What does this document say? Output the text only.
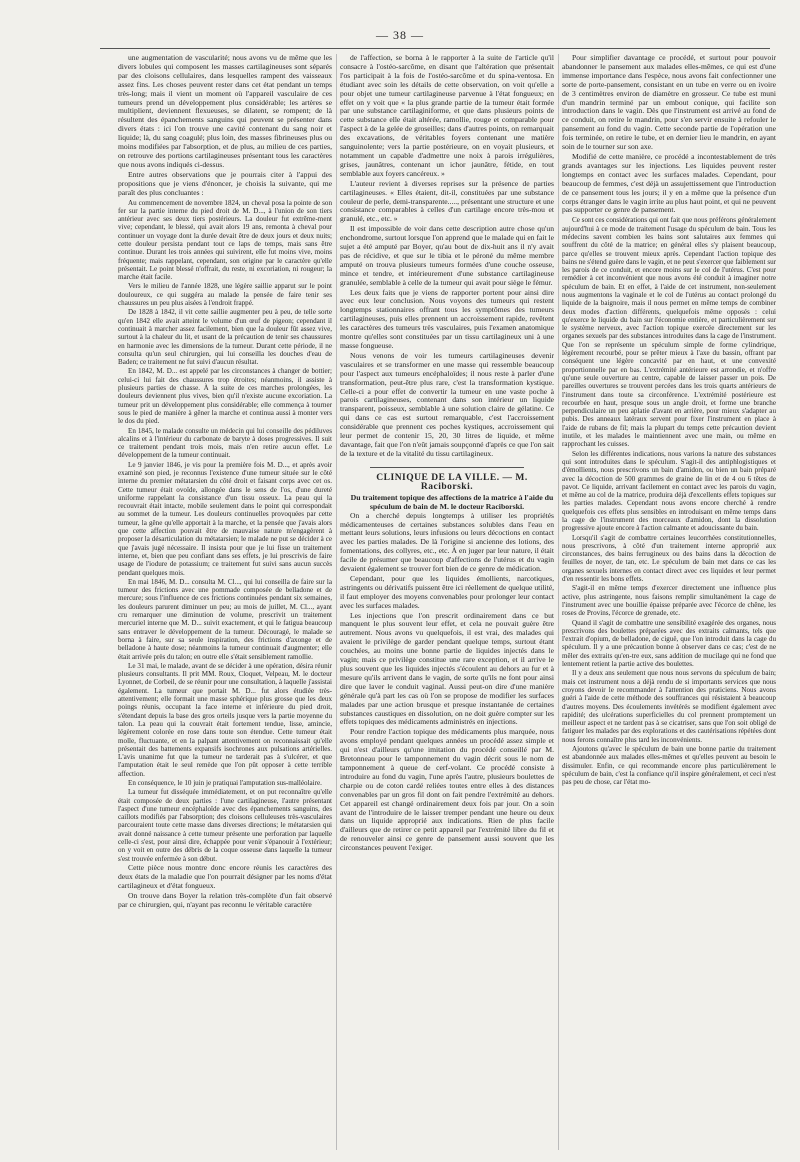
— 38 —

une augmentation de vascularité; nous avons vu de même que les divers lobules qui composent les masses cartilagineuses sont séparés par des cloisons cellulaires, dans lesquelles rampent des vaisseaux assez fins. Les choses peuvent rester dans cet état pendant un temps très-long; mais il vient un moment où l'appareil vasculaire de ces tumeurs prend un développement plus considérable; les artères se multiplient, deviennent flexueuses, se dilatent, se rompent; de là résultent des épanchements sanguins qui peuvent se présenter dans divers états : ici l'on trouve une cavité contenant du sang noir et liquide; là, du sang coagulé; plus loin, des masses fibrineuses plus ou moins modifiées par l'absorption, et de plus, au milieu de ces parties, on retrouve des portions cartilagineuses présentant tous les caractères que nous avons indiqués ci-dessus.

Entre autres observations que je pourrais citer à l'appui des propositions que je viens d'énoncer, je choisis la suivante, qui me paraît des plus concluantes :

Au commencement de novembre 1824, un cheval posa la pointe de son fer sur la partie interne du pied droit de M. D..., à l'union de son tiers antérieur avec ses deux tiers postérieurs. La douleur fut extrême-ment vive; cependant, le blessé, qui avait alors 19 ans, remonta à cheval pour continuer un voyage dont la durée devait être de deux jours et deux nuits; cette douleur persista pendant tout ce laps de temps, mais sans être continue. Durant les trois années qui suivirent, elle fut moins vive, moins fréquente; mais rappelant, cependant, son origine par le caractère qu'elle présentait. Le point blessé n'offrait, du reste, ni excoriation, ni rougeur; la marche était facile.

Vers le milieu de l'année 1828, une légère saillie apparut sur le point douloureux, ce qui suggéra au malade la pensée de faire tenir ses chaussures un peu plus aisées à l'endroit frappé.

De 1828 à 1842, il vit cette saillie augmenter peu à peu, de telle sorte qu'en 1842 elle avait atteint le volume d'un œuf de pigeon; cependant il continuait à marcher assez facilement, bien que la douleur fût assez vive, surtout à la chaleur du lit, et usant de la précaution de tenir ses chaussures en harmonie avec les dimensions de la tumeur. Durant cette période, il ne consulta qu'un seul chirurgien, qui lui conseilla les douches d'eau de Baden; ce traitement ne fut suivi d'aucun résultat.

En 1842, M. D... est appelé par les circonstances à changer de bottier; celui-ci lui fait des chaussures trop étroites; néanmoins, il assiste à plusieurs parties de chasse. À la suite de ces marches prolongées, les douleurs deviennent plus vives, bien qu'il n'existe aucune excoriation. La tumeur prit un développement plus considérable; elle commença à tourner sous le pied de manière à gêner la marche et continua aussi à monter vers le dos du pied.

En 1845, le malade consulte un médecin qui lui conseille des pédiluves alcalins et à l'intérieur du carbonate de baryte à doses progressives. Il suit ce traitement pendant trois mois, mais n'en retire aucun effet. Le développement de la tumeur continuait.

Le 9 janvier 1846, je vis pour la première fois M. D..., et après avoir examiné son pied, je reconnus l'existence d'une tumeur située sur le côté interne du premier métatarsien du côté droit et faisant corps avec cet os. Cette tumeur était ovoïde, allongée dans le sens de l'os, d'une dureté uniforme rappelant la consistance d'un tissu osseux. La peau qui la recouvrait était intacte, mobile seulement dans le point qui correspondait au sommet de la tumeur. Les douleurs continuelles provoquées par cette tumeur, la gêne qu'elle apportait à la marche, et la pensée que j'avais alors que cette affection pouvait être de mauvaise nature m'engagèrent à proposer la désarticulation du métatarsien; le malade ne put se décider à ce que j'avais jugé nécessaire. Il insista pour que je lui fisse un traitement interne, et, bien que peu confiant dans ses effets, je lui prescrivis de faire usage de l'iodure de potassium; ce traitement fut suivi sans aucun succès pendant quelques mois.

En mai 1846, M. D... consulta M. Cl..., qui lui conseilla de faire sur la tumeur des frictions avec une pommade composée de belladone et de mercure; sous l'influence de ces frictions continuées pendant six semaines, les douleurs parurent diminuer un peu; au mois de juillet, M. Cl..., ayant cru remarquer une diminution de volume, prescrivit un traitement mercuriel interne que M. D... suivit exactement, et qui le fatigua beaucoup sans entraver le développement de la tumeur. Découragé, le malade se borna à faire, sur sa seule inspiration, des frictions d'axonge et de belladone à haute dose; néanmoins la tumeur continuait d'augmenter; elle était arrivée près du talon; en outre elle s'était sensiblement ramollie.

Le 31 mai, le malade, avant de se décider à une opération, désira réunir plusieurs consultants. Il prit MM. Roux, Cloquet, Velpeau, M. le docteur Lyonnet, de Corbeil, de se réunir pour une consultation, à laquelle j'assistai également. La tumeur que portait M. D... fut alors étudiée très-attentivement; elle formait une masse sphérique plus grosse que les deux poings réunis, occupant la face interne et inférieure du pied droit, s'étendant depuis la base des gros orteils jusque vers la partie moyenne du talon. La peau qui la couvrait était fortement tendue, lisse, amincie, légèrement colorée en rose dans toute son étendue. Cette tumeur était molle, fluctuante, et en la palpant attentivement on reconnaissait qu'elle présentait des battements expansifs isochrones aux pulsations artérielles. L'avis unanime fut que la tumeur ne tarderait pas à s'ulcérer, et que l'amputation était le seul remède que l'on pût opposer à cette terrible affection.

En conséquence, le 10 juin je pratiquai l'amputation sus-malléolaire.

La tumeur fut disséquée immédiatement, et on put reconnaître qu'elle était composée de deux parties : l'une cartilagineuse, l'autre présentant l'aspect d'une tumeur encéphaloïde avec des épanchements sanguins, des caillots modifiés par l'absorption; des cloisons celluleuses très-vasculaires parcouraient toute cette masse dans diverses directions; le métatarsien qui avait donné naissance à cette tumeur présente une perforation par laquelle celle-ci s'est, pour ainsi dire, échappée pour venir s'épanouir à l'extérieur; on y voit en outre des débris de la coque osseuse dans laquelle la tumeur s'est trouvée enfermée à son début.

Cette pièce nous montre donc encore réunis les caractères des deux états de la maladie que l'on pourrait désigner par les noms d'état cartilagineux et d'état fongueux.

On trouve dans Boyer la relation très-complète d'un fait observé par ce chirurgien, qui, n'ayant pas reconnu le véritable caractère

de l'affection, se borna à le rapporter à la suite de l'article qu'il consacre à l'ostéo-sarcôme, en disant que l'altération que présentait l'os participait à la fois de l'ostéo-sarcôme et du spina-ventosa. En étudiant avec soin les détails de cette observation, on voit qu'elle a pour objet une tumeur cartilagineuse parvenue à l'état fongueux; en effet on y voit que « la plus grande partie de la tumeur était formée par une substance cartilaginiforme, et que dans plusieurs points de cette substance elle était altérée, ramollie, rouge et comparable pour l'aspect à de la gelée de groseilles; dans d'autres points, on remarquait des excavations, de véritables foyers contenant une matière sanguinolente; vers la partie postérieure, on en voyait plusieurs, et notamment un capable d'admettre une noix à parois irrégulières, grises, jaunâtres, contenant un ichor jaunâtre, fétide, en tout semblable aux foyers cancéreux. »

L'auteur revient à diverses reprises sur la présence de parties cartilagineuses. « Elles étaient, dit-il, constituées par une substance couleur de perle, demi-transparente....., présentant une structure et une consistance comparables à celles d'un cartilage encore très-mou et granulé, etc., etc. »

Il est impossible de voir dans cette description autre chose qu'un enchondrome, surtout lorsque l'on apprend que le malade qui en fait le sujet a été amputé par Boyer, qu'au bout de dix-huit ans il n'y avait pas de récidive, et que sur le tibia et le péroné du même membre amputé on trouva plusieurs tumeurs formées d'une couche osseuse, mince et tendre, et intérieurement d'une substance cartilagineuse granulée, semblable à celle de la tumeur qui avait pour siège le fémur.

Les deux faits que je viens de rapporter portent pour ainsi dire avec eux leur conclusion. Nous voyons des tumeurs qui restent longtemps stationnaires offrant tous les symptômes des tumeurs cartilagineuses, puis elles prennent un accroissement rapide, revêtent les caractères des tumeurs très vasculaires, puis l'examen anatomique montre qu'elles sont constituées par un tissu cartilagineux uni à une masse fongueuse.

Nous venons de voir les tumeurs cartilagineuses devenir vasculaires et se transformer en une masse qui ressemble beaucoup pour l'aspect aux tumeurs encéphaloïdes; il nous reste à parler d'une transformation, peut-être plus rare, c'est la transformation kystique. Celle-ci a pour effet de convertir la tumeur en une vaste poche à parois cartilagineuses, contenant dans son intérieur un liquide transparent, poisseux, semblable à une solution claire de gélatine. Ce qui dans ce cas est surtout remarquable, c'est l'accroissement considérable que prennent ces poches kystiques, accroissement qui leur permet de contenir 15, 20, 30 litres de liquide, et même davantage, fait que l'on n'eût jamais soupçonné d'après ce que l'on sait de la texture et de la vitalité du tissu cartilagineux.

CLINIQUE DE LA VILLE. — M. Raciborski.

Du traitement topique des affections de la matrice à l'aide du spéculum de bain de M. le docteur Raciborski.

On a cherché depuis longtemps à utiliser les propriétés médicamenteuses de certaines substances solubles dans l'eau en mettant leurs solutions, leurs infusions ou leurs décoctions en contact avec les parties malades. De là l'origine si ancienne des lotions, des fomentations, des collyres, etc., etc. À en juger par leur nature, il était facile de présumer que beaucoup d'affections de l'utérus et du vagin devaient également se trouver fort bien de ce genre de médication.

Cependant, pour que les liquides émollients, narcotiques, astringents ou dérivatifs puissent être ici réellement de quelque utilité, il faut employer des moyens convenables pour prolonger leur contact avec les surfaces malades.

Les injections que l'on prescrit ordinairement dans ce but manquent le plus souvent leur effet, et cela ne pouvait guère être autrement. Nous avons vu quelquefois, il est vrai, des malades qui avaient le privilège de garder pendant quelque temps, surtout étant couchées, au moins une bonne partie de liquides injectés dans le vagin; mais ce privilège constitue une rare exception, et il arrive le plus souvent que les liquides injectés s'écoulent au dehors au fur et à mesure qu'ils arrivent dans le vagin, de sorte qu'ils ne font pour ainsi dire que laver le conduit vaginal. Aussi peut-on dire d'une manière générale qu'à part les cas où l'on se propose de modifier les surfaces malades par une action brusque et presque instantanée de certaines substances caustiques en dissolution, on ne doit guère compter sur les effets topiques des médicaments administrés en injections.

Pour rendre l'action topique des médicaments plus marquée, nous avons employé pendant quelques années un procédé assez simple et qui n'est d'ailleurs qu'une imitation du procédé conseillé par M. Bretonneau pour le tamponnement du vagin décrit sous le nom de tamponnement à queue de cerf-volant. Ce procédé consiste à introduire au fond du vagin, l'une après l'autre, plusieurs boulettes de charpie ou de coton cardé reliées toutes entre elles à des distances convenables par un gros fil dont on fait pendre l'extrémité au dehors. Cet appareil est changé ordinairement deux fois par jour. On a soin avant de l'introduire de le laisser tremper pendant une heure ou deux dans un liquide approprié aux indications. Rien de plus facile d'ailleurs que de retirer ce petit appareil par l'extrémité libre du fil et de renouveler ainsi ce genre de pansement aussi souvent que les circonstances peuvent l'exiger.

Pour simplifier davantage ce procédé, et surtout pour pouvoir abandonner le pansement aux malades elles-mêmes, ce qui est d'une immense importance dans l'espèce, nous avons fait confectionner une sorte de porte-pansement, consistant en un tube en verre ou en ivoire de 3 centimètres environ de diamètre en grosseur. Ce tube est muni d'un mandrin terminé par un embout conique, qui facilite son introduction dans le vagin. Dès que l'instrument est arrivé au fond de ce conduit, on retire le mandrin, pour s'en servir ensuite à refouler le pansement au fond du vagin. Cette seconde partie de l'opération une fois terminée, on retire le tube, et en dernier lieu le mandrin, en ayant soin de le tourner sur son axe.

Modifié de cette manière, ce procédé a incontestablement de très grands avantages sur les injections. Les liquides peuvent rester longtemps en contact avec les surfaces malades. Cependant, pour beaucoup de femmes, c'est déjà un assujettissement que l'introduction de ce pansement tous les jours; il y en a même que la présence d'un corps étranger dans le vagin irrite au plus haut point, et qui ne peuvent pas supporter ce genre de pansement.

Ce sont ces considérations qui ont fait que nous préférons généralement aujourd'hui à ce mode de traitement l'usage du spéculum de bain. Tous les médecins savent combien les bains sont salutaires aux femmes qui souffrent du côté de la matrice; en général elles s'y plaisent beaucoup, parce qu'elles se trouvent mieux après. Cependant l'action topique des bains ne s'étend guère dans le vagin, et ne peut s'exercer que faiblement sur les parois de ce conduit, et encore moins sur le col de l'utérus. C'est pour remédier à cet inconvénient que nous avons été conduit à imaginer notre spéculum de bain. Et en effet, à l'aide de cet instrument, non-seulement nous augmentons la vaginale et le col de l'utérus au contact prolongé du liquide de la baignoire, mais il nous permet en même temps de combiner deux modes d'action différents, quelquefois même opposés : celui qu'exerce le liquide du bain sur l'économie entière, et particulièrement sur le système nerveux, avec l'action topique exercée directement sur les organes sexuels par des substances introduites dans la cage de l'instrument. Que l'on se représente un spéculum simple de forme cylindrique, légèrement recourbé, pour se prêter mieux à l'axe du bassin, offrant par conséquent une légère concavité par en haut, et une convexité proportionnelle par en bas. L'extrémité antérieure est arrondie, et n'offre qu'une seule ouverture au centre, capable de laisser passer un pois. De pareilles ouvertures se trouvent percées dans les trois quarts antérieurs de l'instrument dans toute sa circonférence. L'extrémité postérieure est recourbée en haut, presque sous un angle droit, et forme une branche perpendiculaire un peu aplatie d'avant en arrière, pour mieux s'adapter au pubis. Des anneaux latéraux servent pour fixer l'instrument en place à l'aide de rubans de fil; mais la plupart du temps cette précaution devient inutile, et les malades le maintiennent avec une main, ou même en rapprochant les cuisses.

Selon les différentes indications, nous varions la nature des substances qui sont introduites dans le spéculum. S'agit-il des antiphlogistiques et d'émollients, nous prescrivons un bain d'amidon, ou bien un bain préparé avec la décoction de 500 grammes de graine de lin et de 4 ou 6 têtes de pavot. Ce liquide, arrivant facilement en contact avec les parois du vagin, et même au col de la matrice, produira déjà d'excellents effets topiques sur les parties malades. Cependant nous avons encore cherché à rendre quelquefois ces effets plus sensibles en introduisant en même temps dans la cage de l'instrument des morceaux d'amidon, dont la dissolution progressive ajoute encore à l'action calmante et adoucissante du bain.

Lorsqu'il s'agit de combattre certaines leucorrhées constitutionnelles, nous prescrivons, à côté d'un traitement interne approprié aux circonstances, des bains ferrugineux ou des bains dans la décoction de feuilles de noyer, de tan, etc. Le spéculum de bain met dans ce cas les organes sexuels internes en contact direct avec ces liquides et leur permet d'en ressentir les bons effets.

S'agit-il en même temps d'exercer directement une influence plus active, plus astringente, nous faisons remplir simultanément la cage de l'instrument avec une bouillie épaisse préparée avec l'écorce de chêne, les roses de Provins, l'écorce de grenade, etc.

Quand il s'agit de combattre une sensibilité exagérée des organes, nous prescrivons des boulettes préparées avec des extraits calmants, tels que l'extrait d'opium, de belladone, de ciguë, que l'on introduit dans la cage du spéculum. Il y a une précaution bonne à observer dans ce cas; c'est de ne mêler des extraits qu'en-tre eux, sans addition de mucilage qui ne fond que lentement retient la partie active des boulettes.

Il y a deux ans seulement que nous nous servons du spéculum de bain; mais cet instrument nous a déjà rendu de si importants services que nous croyons devoir le recommander à l'attention des praticiens. Nous avons guéri à l'aide de cette méthode des souffrances qui résistaient à beaucoup d'autres moyens. Des écoulements invétérés se modifient également avec rapidité; des ulcérations superficielles du col prennent promptement un meilleur aspect et ne tardent pas à se cicatriser, sans que l'on soit obligé de fatiguer les malades par des explorations et des cautérisations répétées dont nous ferons connaître plus tard les inconvénients.

Ajoutons qu'avec le spéculum de bain une bonne partie du traitement est abandonnée aux malades elles-mêmes et qu'elles peuvent au besoin le dissimuler. Enfin, ce qui recommande encore plus particulièrement le spéculum de bain, c'est la confiance qu'il inspire généralement, et ceci n'est pas peu de chose, car l'état mo-
